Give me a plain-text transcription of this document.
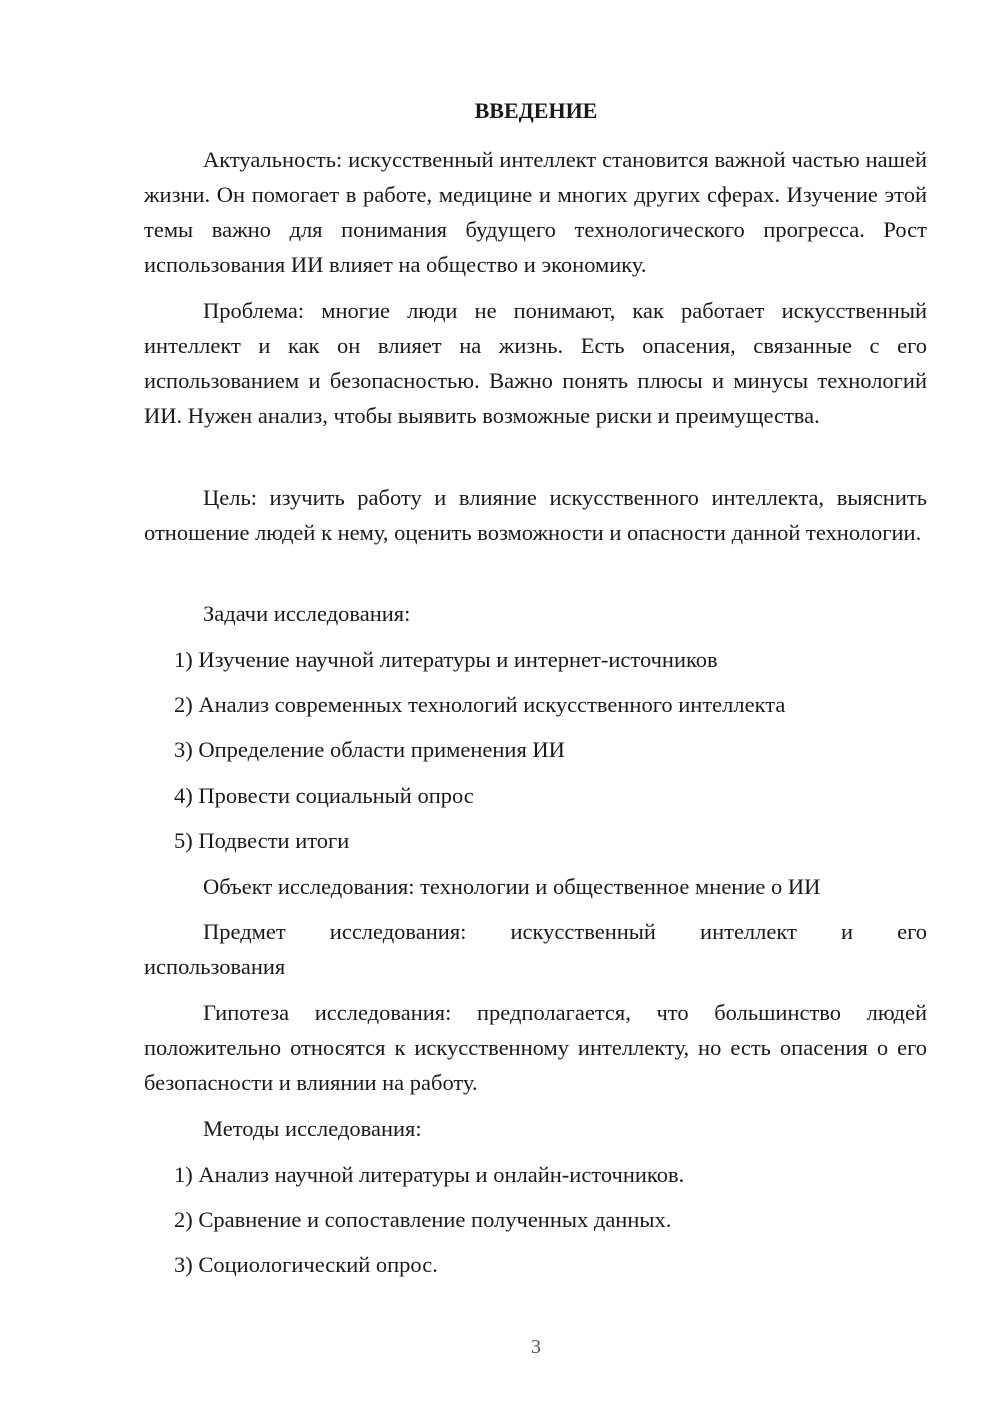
ВВЕДЕНИЕ
Актуальность: искусственный интеллект становится важной частью нашей жизни. Он помогает в работе, медицине и многих других сферах. Изучение этой темы важно для понимания будущего технологического прогресса. Рост использования ИИ влияет на общество и экономику.
Проблема: многие люди не понимают, как работает искусственный интеллект и как он влияет на жизнь. Есть опасения, связанные с его использованием и безопасностью. Важно понять плюсы и минусы технологий ИИ. Нужен анализ, чтобы выявить возможные риски и преимущества.
Цель: изучить работу и влияние искусственного интеллекта, выяснить отношение людей к нему, оценить возможности и опасности данной технологии.
Задачи исследования:
1) Изучение научной литературы и интернет-источников
2) Анализ современных технологий искусственного интеллекта
3) Определение области применения ИИ
4) Провести социальный опрос
5) Подвести итоги
Объект исследования: технологии и общественное мнение о ИИ
Предмет исследования: искусственный интеллект и его
использования
Гипотеза исследования: предполагается, что большинство людей положительно относятся к искусственному интеллекту, но есть опасения о его безопасности и влиянии на работу.
Методы исследования:
1) Анализ научной литературы и онлайн-источников.
2) Сравнение и сопоставление полученных данных.
3) Социологический опрос.
3
